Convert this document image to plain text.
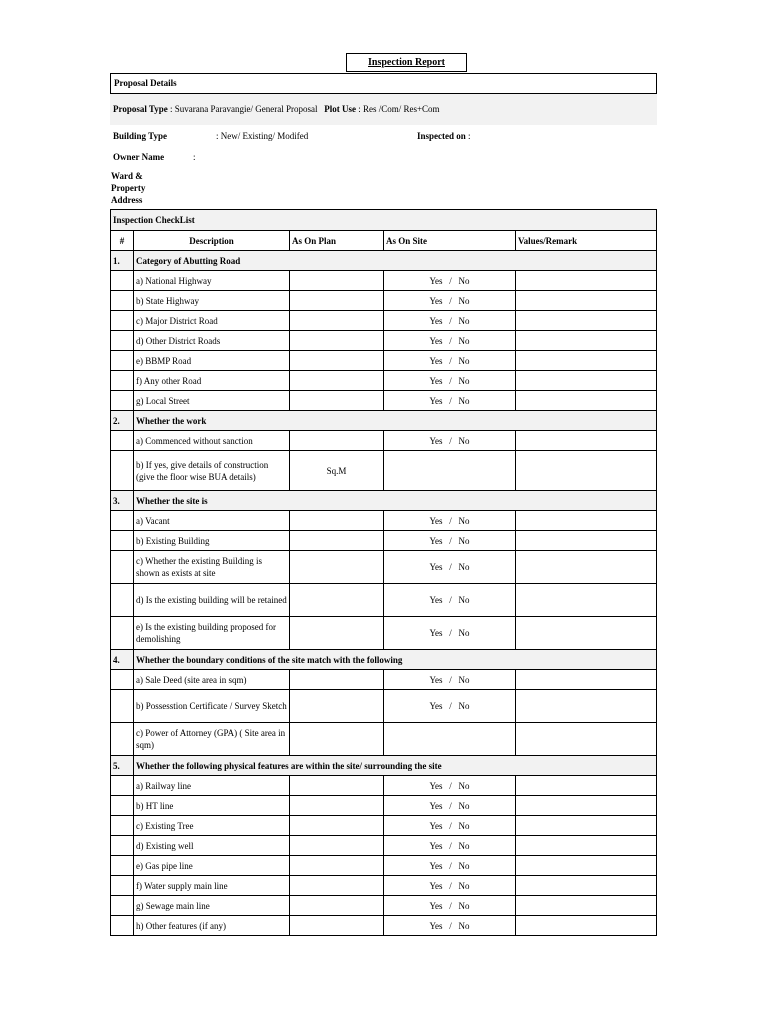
Inspection Report
Proposal Details
Proposal Type : Suvarana Paravangie/ General Proposal Plot Use : Res /Com/ Res+Com
Building Type	: New/ Existing/ Modifed	Inspected on :
Owner Name	:
Ward &
Property
Address
Inspection CheckList				
#	Description	As On Plan	As On Site	Values/Remark
1.	Category of Abutting Road			
	a) National Highway		Yes   /   No	
	b) State Highway		Yes   /   No	
	c) Major District Road		Yes   /   No	
	d) Other District Roads		Yes   /   No	
	e) BBMP Road		Yes   /   No	
	f) Any other Road		Yes   /   No	
	g) Local Street		Yes   /   No	
2.	Whether the work			
	a) Commenced without sanction		Yes   /   No	
	b) If yes, give details of construction (give the floor wise BUA details)	Sq.M		
3.	Whether the site is			
	a) Vacant		Yes   /   No	
	b) Existing Building		Yes   /   No	
	c) Whether the existing Building is shown as exists at site		Yes   /   No	
	d) Is the existing building will be retained		Yes   /   No	
	e) Is the existing building proposed for demolishing		Yes   /   No	
4.	Whether the boundary conditions of the site match with the following			
	a) Sale Deed (site area in sqm)		Yes   /   No	
	b) Possesstion Certificate / Survey Sketch		Yes   /   No	
	c) Power of Attorney (GPA) ( Site area in sqm)			
5.	Whether the following physical features are within the site/ surrounding the site			
	a) Railway line		Yes   /   No	
	b) HT line		Yes   /   No	
	c) Existing Tree		Yes   /   No	
	d) Existing well		Yes   /   No	
	e) Gas pipe line		Yes   /   No	
	f) Water supply main line		Yes   /   No	
	g) Sewage main line		Yes   /   No	
	h) Other features (if any)		Yes   /   No	
